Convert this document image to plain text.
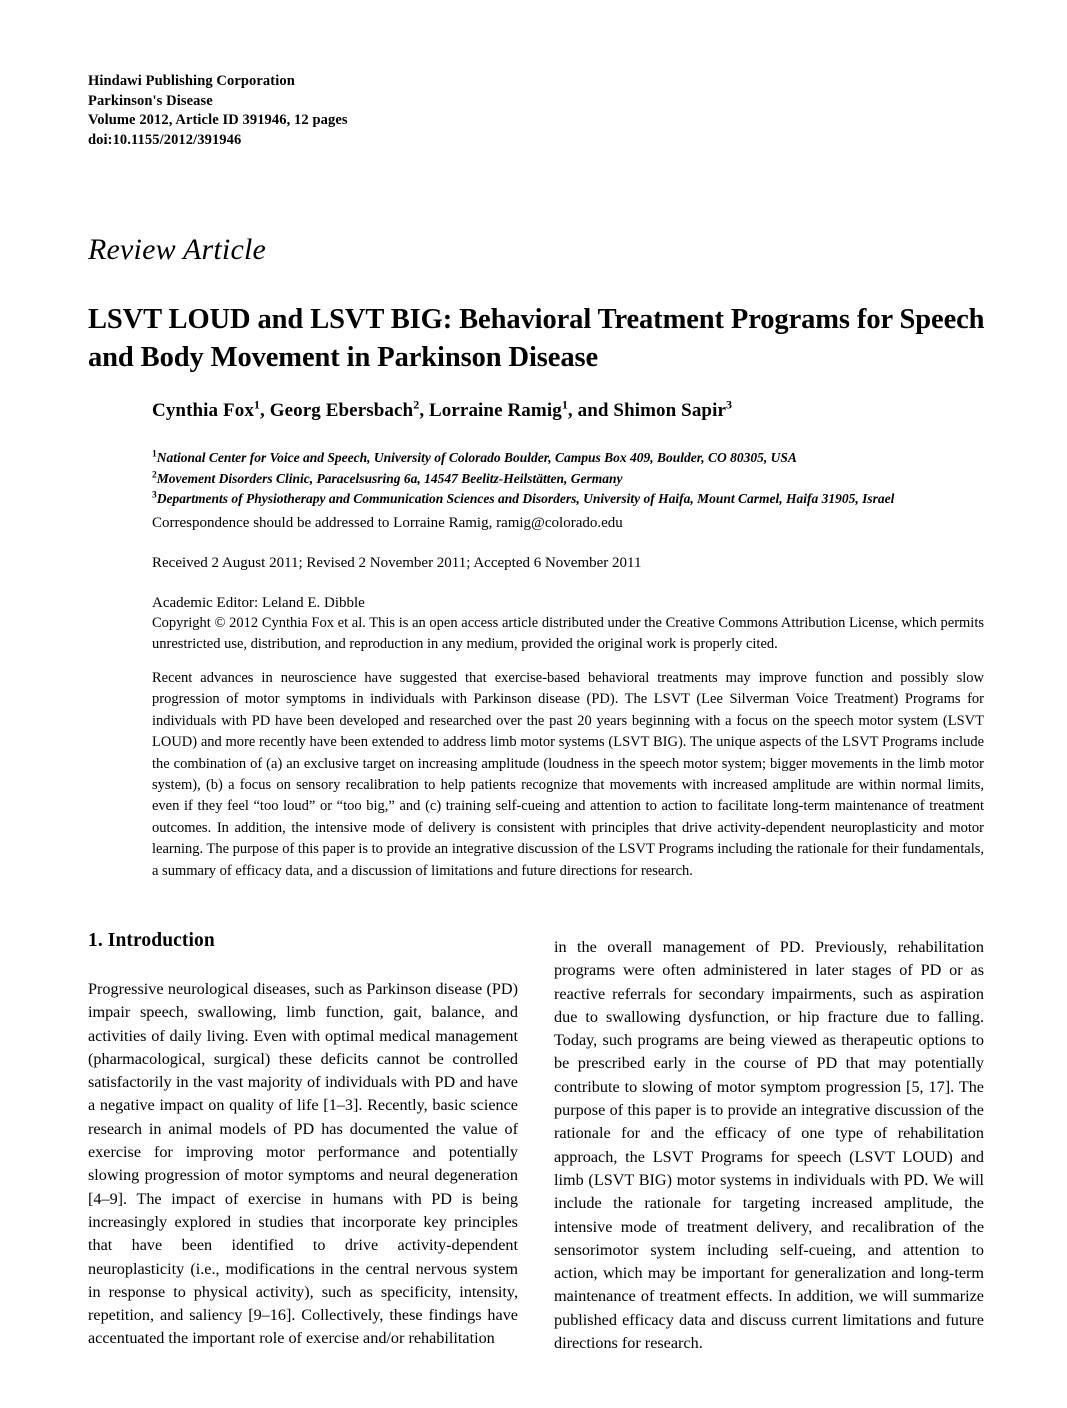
Hindawi Publishing Corporation
Parkinson's Disease
Volume 2012, Article ID 391946, 12 pages
doi:10.1155/2012/391946
Review Article
LSVT LOUD and LSVT BIG: Behavioral Treatment Programs for Speech and Body Movement in Parkinson Disease
Cynthia Fox$^1$, Georg Ebersbach$^2$, Lorraine Ramig$^1$, and Shimon Sapir$^3$
$^1$National Center for Voice and Speech, University of Colorado Boulder, Campus Box 409, Boulder, CO 80305, USA
$^2$Movement Disorders Clinic, Paracelsusring 6a, 14547 Beelitz-Heilstätten, Germany
$^3$Departments of Physiotherapy and Communication Sciences and Disorders, University of Haifa, Mount Carmel, Haifa 31905, Israel
Correspondence should be addressed to Lorraine Ramig, ramig@colorado.edu
Received 2 August 2011; Revised 2 November 2011; Accepted 6 November 2011
Academic Editor: Leland E. Dibble
Copyright © 2012 Cynthia Fox et al. This is an open access article distributed under the Creative Commons Attribution License, which permits unrestricted use, distribution, and reproduction in any medium, provided the original work is properly cited.
Recent advances in neuroscience have suggested that exercise-based behavioral treatments may improve function and possibly slow progression of motor symptoms in individuals with Parkinson disease (PD). The LSVT (Lee Silverman Voice Treatment) Programs for individuals with PD have been developed and researched over the past 20 years beginning with a focus on the speech motor system (LSVT LOUD) and more recently have been extended to address limb motor systems (LSVT BIG). The unique aspects of the LSVT Programs include the combination of (a) an exclusive target on increasing amplitude (loudness in the speech motor system; bigger movements in the limb motor system), (b) a focus on sensory recalibration to help patients recognize that movements with increased amplitude are within normal limits, even if they feel “too loud” or “too big,” and (c) training self-cueing and attention to action to facilitate long-term maintenance of treatment outcomes. In addition, the intensive mode of delivery is consistent with principles that drive activity-dependent neuroplasticity and motor learning. The purpose of this paper is to provide an integrative discussion of the LSVT Programs including the rationale for their fundamentals, a summary of efficacy data, and a discussion of limitations and future directions for research.
1. Introduction

Progressive neurological diseases, such as Parkinson disease (PD) impair speech, swallowing, limb function, gait, balance, and activities of daily living. Even with optimal medical management (pharmacological, surgical) these deficits cannot be controlled satisfactorily in the vast majority of individuals with PD and have a negative impact on quality of life [1–3]. Recently, basic science research in animal models of PD has documented the value of exercise for improving motor performance and potentially slowing progression of motor symptoms and neural degeneration [4–9]. The impact of exercise in humans with PD is being increasingly explored in studies that incorporate key principles that have been identified to drive activity-dependent neuroplasticity (i.e., modifications in the central nervous system in response to physical activity), such as specificity, intensity, repetition, and saliency [9–16]. Collectively, these findings have accentuated the important role of exercise and/or rehabilitation

in the overall management of PD. Previously, rehabilitation programs were often administered in later stages of PD or as reactive referrals for secondary impairments, such as aspiration due to swallowing dysfunction, or hip fracture due to falling. Today, such programs are being viewed as therapeutic options to be prescribed early in the course of PD that may potentially contribute to slowing of motor symptom progression [5, 17]. The purpose of this paper is to provide an integrative discussion of the rationale for and the efficacy of one type of rehabilitation approach, the LSVT Programs for speech (LSVT LOUD) and limb (LSVT BIG) motor systems in individuals with PD. We will include the rationale for targeting increased amplitude, the intensive mode of treatment delivery, and recalibration of the sensorimotor system including self-cueing, and attention to action, which may be important for generalization and long-term maintenance of treatment effects. In addition, we will summarize published efficacy data and discuss current limitations and future directions for research.
